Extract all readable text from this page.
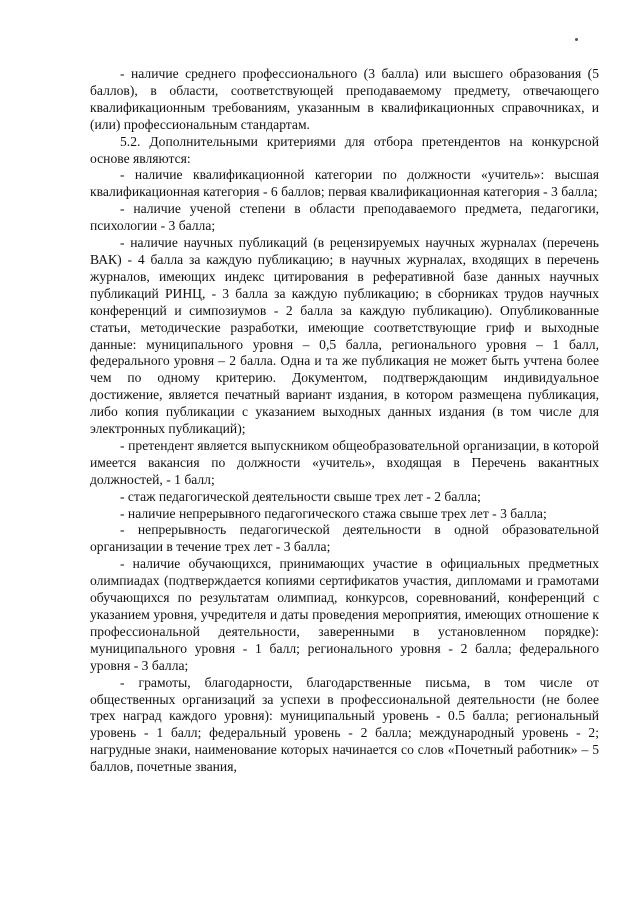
- наличие среднего профессионального (3 балла) или высшего образования (5 баллов), в области, соответствующей преподаваемому предмету, отвечающего квалификационным требованиям, указанным в квалификационных справочниках, и (или) профессиональным стандартам.

5.2. Дополнительными критериями для отбора претендентов на конкурсной основе являются:

- наличие квалификационной категории по должности «учитель»: высшая квалификационная категория - 6 баллов; первая квалификационная категория - 3 балла;

- наличие ученой степени в области преподаваемого предмета, педагогики, психологии - 3 балла;

- наличие научных публикаций (в рецензируемых научных журналах (перечень ВАК) - 4 балла за каждую публикацию; в научных журналах, входящих в перечень журналов, имеющих индекс цитирования в реферативной базе данных научных публикаций РИНЦ, - 3 балла за каждую публикацию; в сборниках трудов научных конференций и симпозиумов - 2 балла за каждую публикацию). Опубликованные статьи, методические разработки, имеющие соответствующие гриф и выходные данные: муниципального уровня – 0,5 балла, регионального уровня – 1 балл, федерального уровня – 2 балла. Одна и та же публикация не может быть учтена более чем по одному критерию. Документом, подтверждающим индивидуальное достижение, является печатный вариант издания, в котором размещена публикация, либо копия публикации с указанием выходных данных издания (в том числе для электронных публикаций);

- претендент является выпускником общеобразовательной организации, в которой имеется вакансия по должности «учитель», входящая в Перечень вакантных должностей, - 1 балл;

- стаж педагогической деятельности свыше трех лет - 2 балла;

- наличие непрерывного педагогического стажа свыше трех лет - 3 балла;

- непрерывность педагогической деятельности в одной образовательной организации в течение трех лет - 3 балла;

- наличие обучающихся, принимающих участие в официальных предметных олимпиадах (подтверждается копиями сертификатов участия, дипломами и грамотами обучающихся по результатам олимпиад, конкурсов, соревнований, конференций с указанием уровня, учредителя и даты проведения мероприятия, имеющих отношение к профессиональной деятельности, заверенными в установленном порядке): муниципального уровня - 1 балл; регионального уровня - 2 балла; федерального уровня - 3 балла;

- грамоты, благодарности, благодарственные письма, в том числе от общественных организаций за успехи в профессиональной деятельности (не более трех наград каждого уровня): муниципальный уровень - 0.5 балла; региональный уровень - 1 балл; федеральный уровень - 2 балла; международный уровень - 2; нагрудные знаки, наименование которых начинается со слов «Почетный работник» – 5 баллов, почетные звания,
